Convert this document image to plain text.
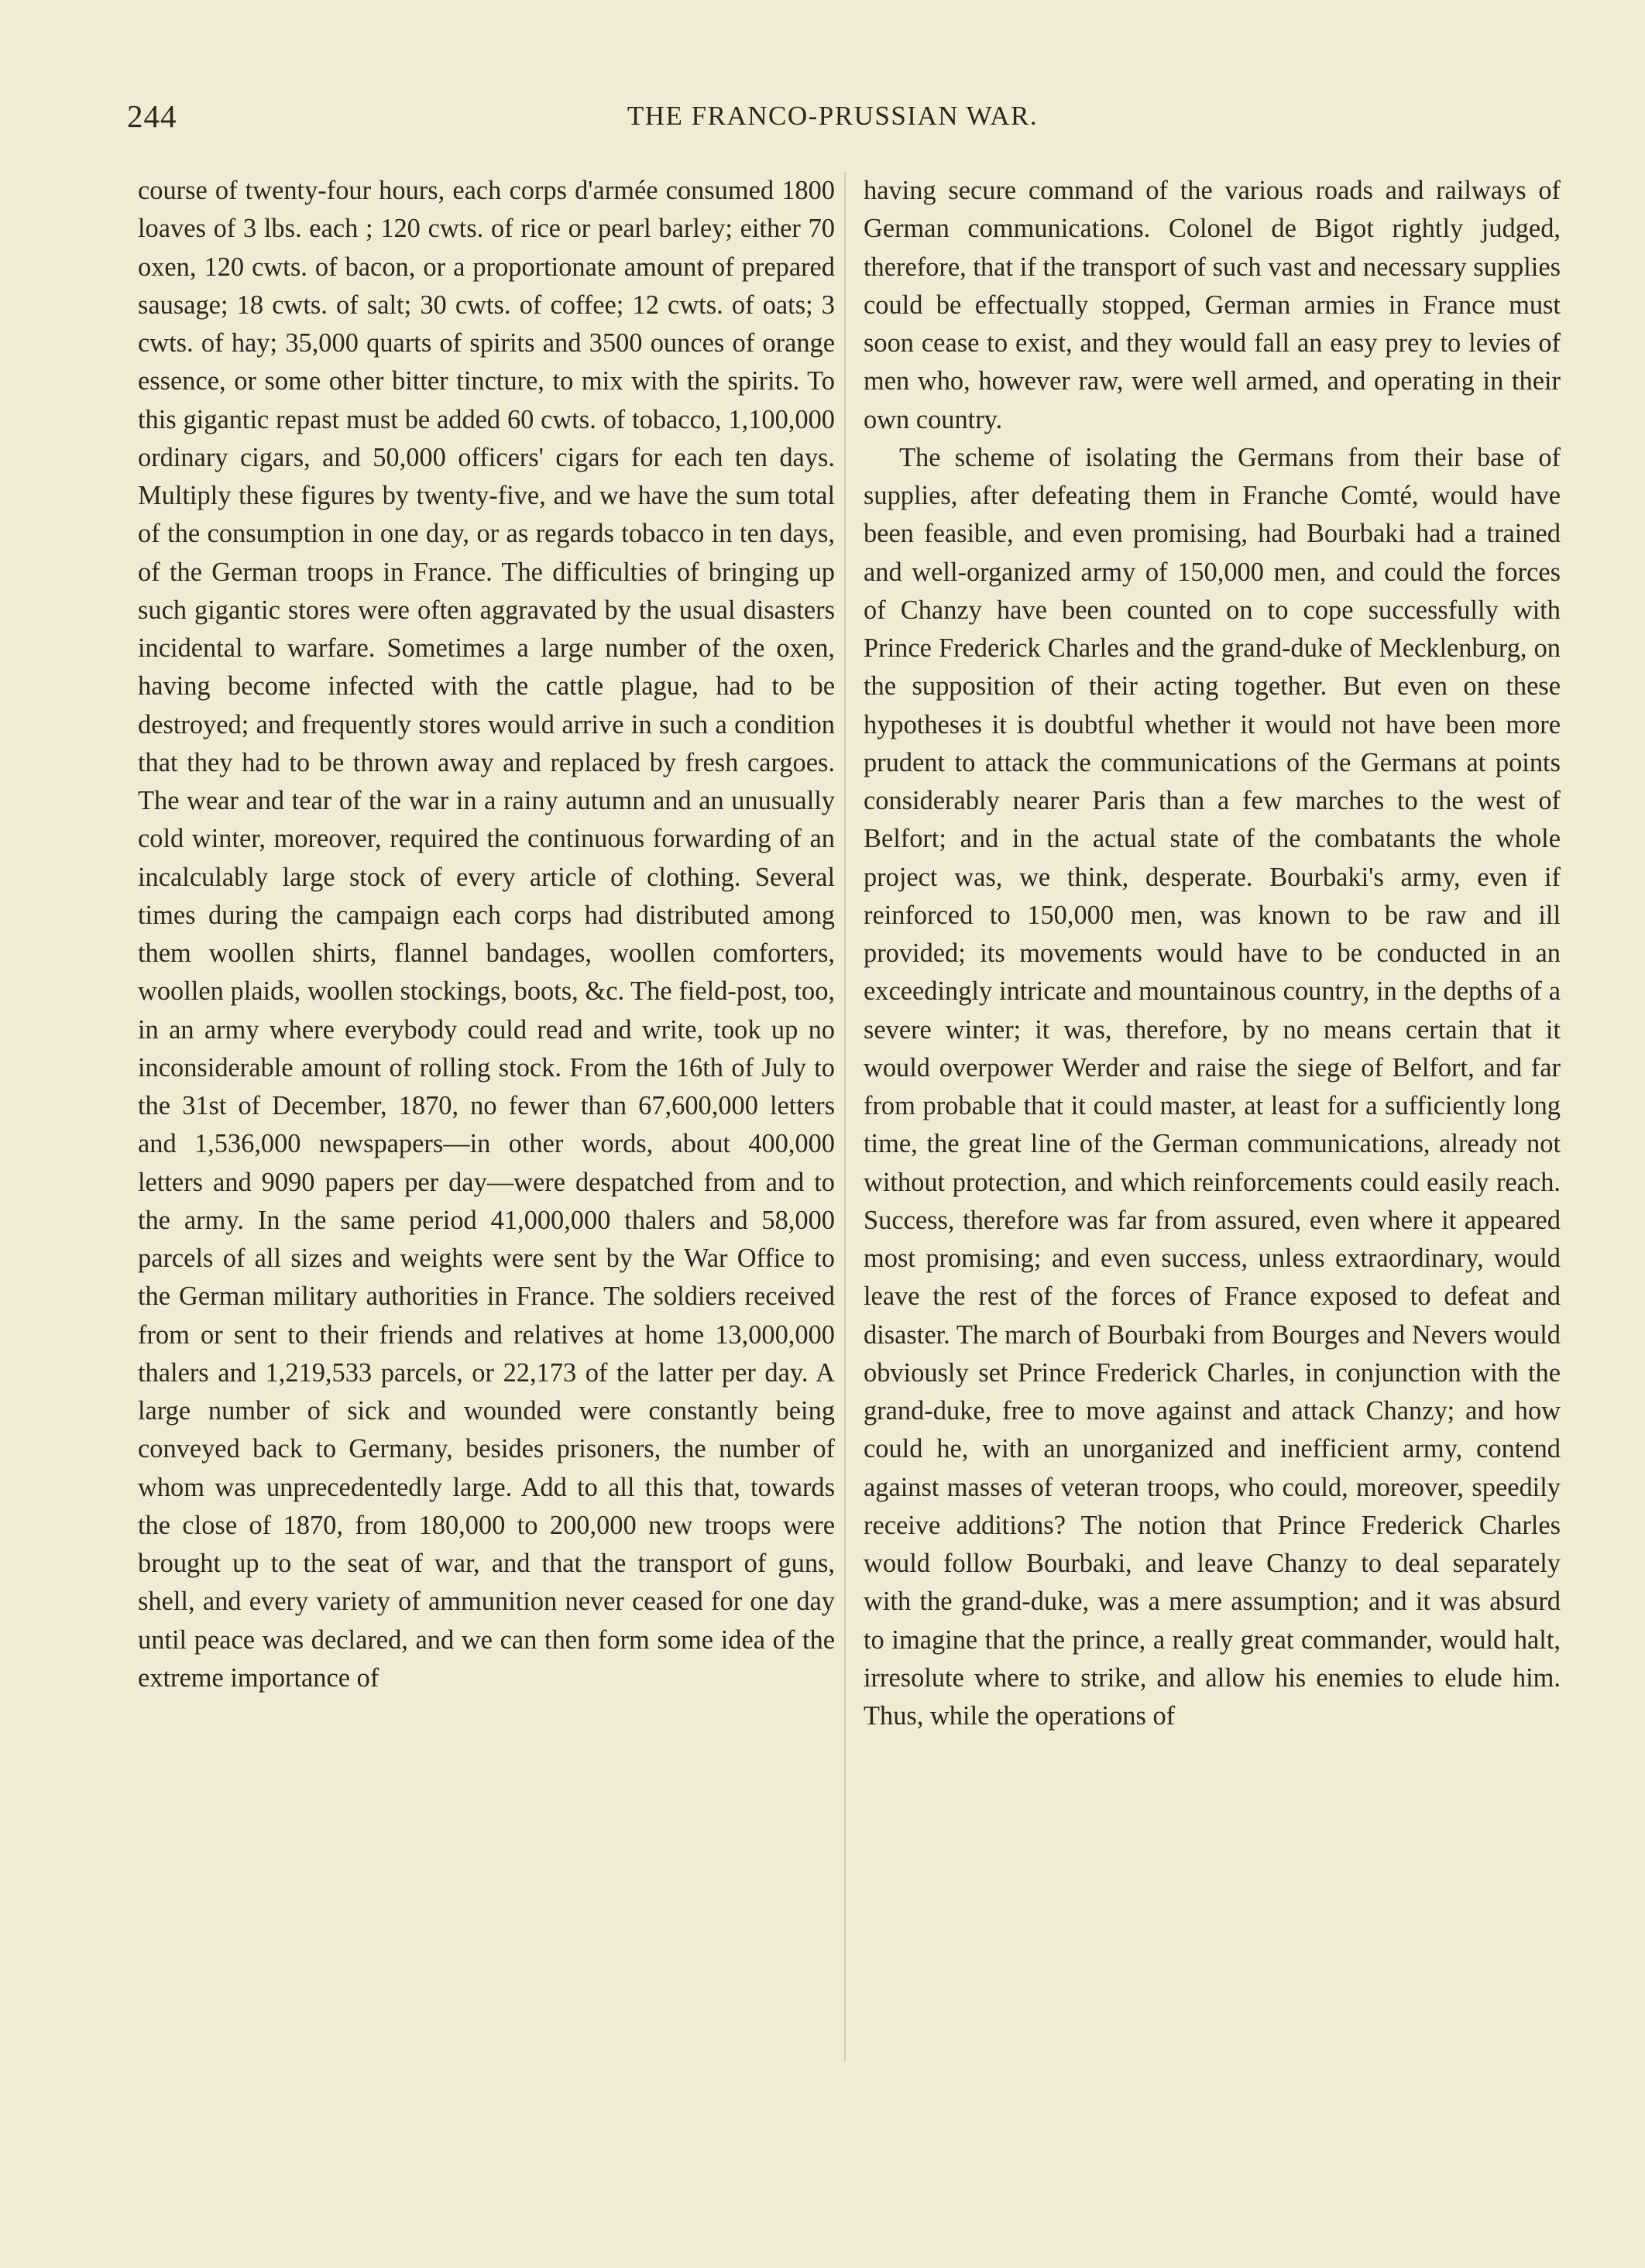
244	THE FRANCO-PRUSSIAN WAR.

course of twenty-four hours, each corps d'armée consumed 1800 loaves of 3 lbs. each ; 120 cwts. of rice or pearl barley; either 70 oxen, 120 cwts. of bacon, or a proportionate amount of prepared sausage; 18 cwts. of salt; 30 cwts. of coffee; 12 cwts. of oats; 3 cwts. of hay; 35,000 quarts of spirits and 3500 ounces of orange essence, or some other bitter tincture, to mix with the spirits. To this gigantic repast must be added 60 cwts. of tobacco, 1,100,000 ordinary cigars, and 50,000 officers' cigars for each ten days. Multiply these figures by twenty-five, and we have the sum total of the consumption in one day, or as regards tobacco in ten days, of the German troops in France. The difficulties of bringing up such gigantic stores were often aggravated by the usual disasters incidental to warfare. Sometimes a large number of the oxen, having become infected with the cattle plague, had to be destroyed; and frequently stores would arrive in such a condition that they had to be thrown away and replaced by fresh cargoes. The wear and tear of the war in a rainy autumn and an unusually cold winter, moreover, required the continuous forwarding of an incalculably large stock of every article of clothing. Several times during the campaign each corps had distributed among them woollen shirts, flannel bandages, woollen comforters, woollen plaids, woollen stockings, boots, &c. The field-post, too, in an army where everybody could read and write, took up no inconsiderable amount of rolling stock. From the 16th of July to the 31st of December, 1870, no fewer than 67,600,000 letters and 1,536,000 newspapers—in other words, about 400,000 letters and 9090 papers per day—were despatched from and to the army. In the same period 41,000,000 thalers and 58,000 parcels of all sizes and weights were sent by the War Office to the German military authorities in France. The soldiers received from or sent to their friends and relatives at home 13,000,000 thalers and 1,219,533 parcels, or 22,173 of the latter per day. A large number of sick and wounded were constantly being conveyed back to Germany, besides prisoners, the number of whom was unprecedentedly large. Add to all this that, towards the close of 1870, from 180,000 to 200,000 new troops were brought up to the seat of war, and that the transport of guns, shell, and every variety of ammunition never ceased for one day until peace was declared, and we can then form some idea of the extreme importance of

having secure command of the various roads and railways of German communications. Colonel de Bigot rightly judged, therefore, that if the transport of such vast and necessary supplies could be effectually stopped, German armies in France must soon cease to exist, and they would fall an easy prey to levies of men who, however raw, were well armed, and operating in their own country.

The scheme of isolating the Germans from their base of supplies, after defeating them in Franche Comté, would have been feasible, and even promising, had Bourbaki had a trained and well-organized army of 150,000 men, and could the forces of Chanzy have been counted on to cope successfully with Prince Frederick Charles and the grand-duke of Mecklenburg, on the supposition of their acting together. But even on these hypotheses it is doubtful whether it would not have been more prudent to attack the communications of the Germans at points considerably nearer Paris than a few marches to the west of Belfort; and in the actual state of the combatants the whole project was, we think, desperate. Bourbaki's army, even if reinforced to 150,000 men, was known to be raw and ill provided; its movements would have to be conducted in an exceedingly intricate and mountainous country, in the depths of a severe winter; it was, therefore, by no means certain that it would overpower Werder and raise the siege of Belfort, and far from probable that it could master, at least for a sufficiently long time, the great line of the German communications, already not without protection, and which reinforcements could easily reach. Success, therefore was far from assured, even where it appeared most promising; and even success, unless extraordinary, would leave the rest of the forces of France exposed to defeat and disaster. The march of Bourbaki from Bourges and Nevers would obviously set Prince Frederick Charles, in conjunction with the grand-duke, free to move against and attack Chanzy; and how could he, with an unorganized and inefficient army, contend against masses of veteran troops, who could, moreover, speedily receive additions? The notion that Prince Frederick Charles would follow Bourbaki, and leave Chanzy to deal separately with the grand-duke, was a mere assumption; and it was absurd to imagine that the prince, a really great commander, would halt, irresolute where to strike, and allow his enemies to elude him. Thus, while the operations of
